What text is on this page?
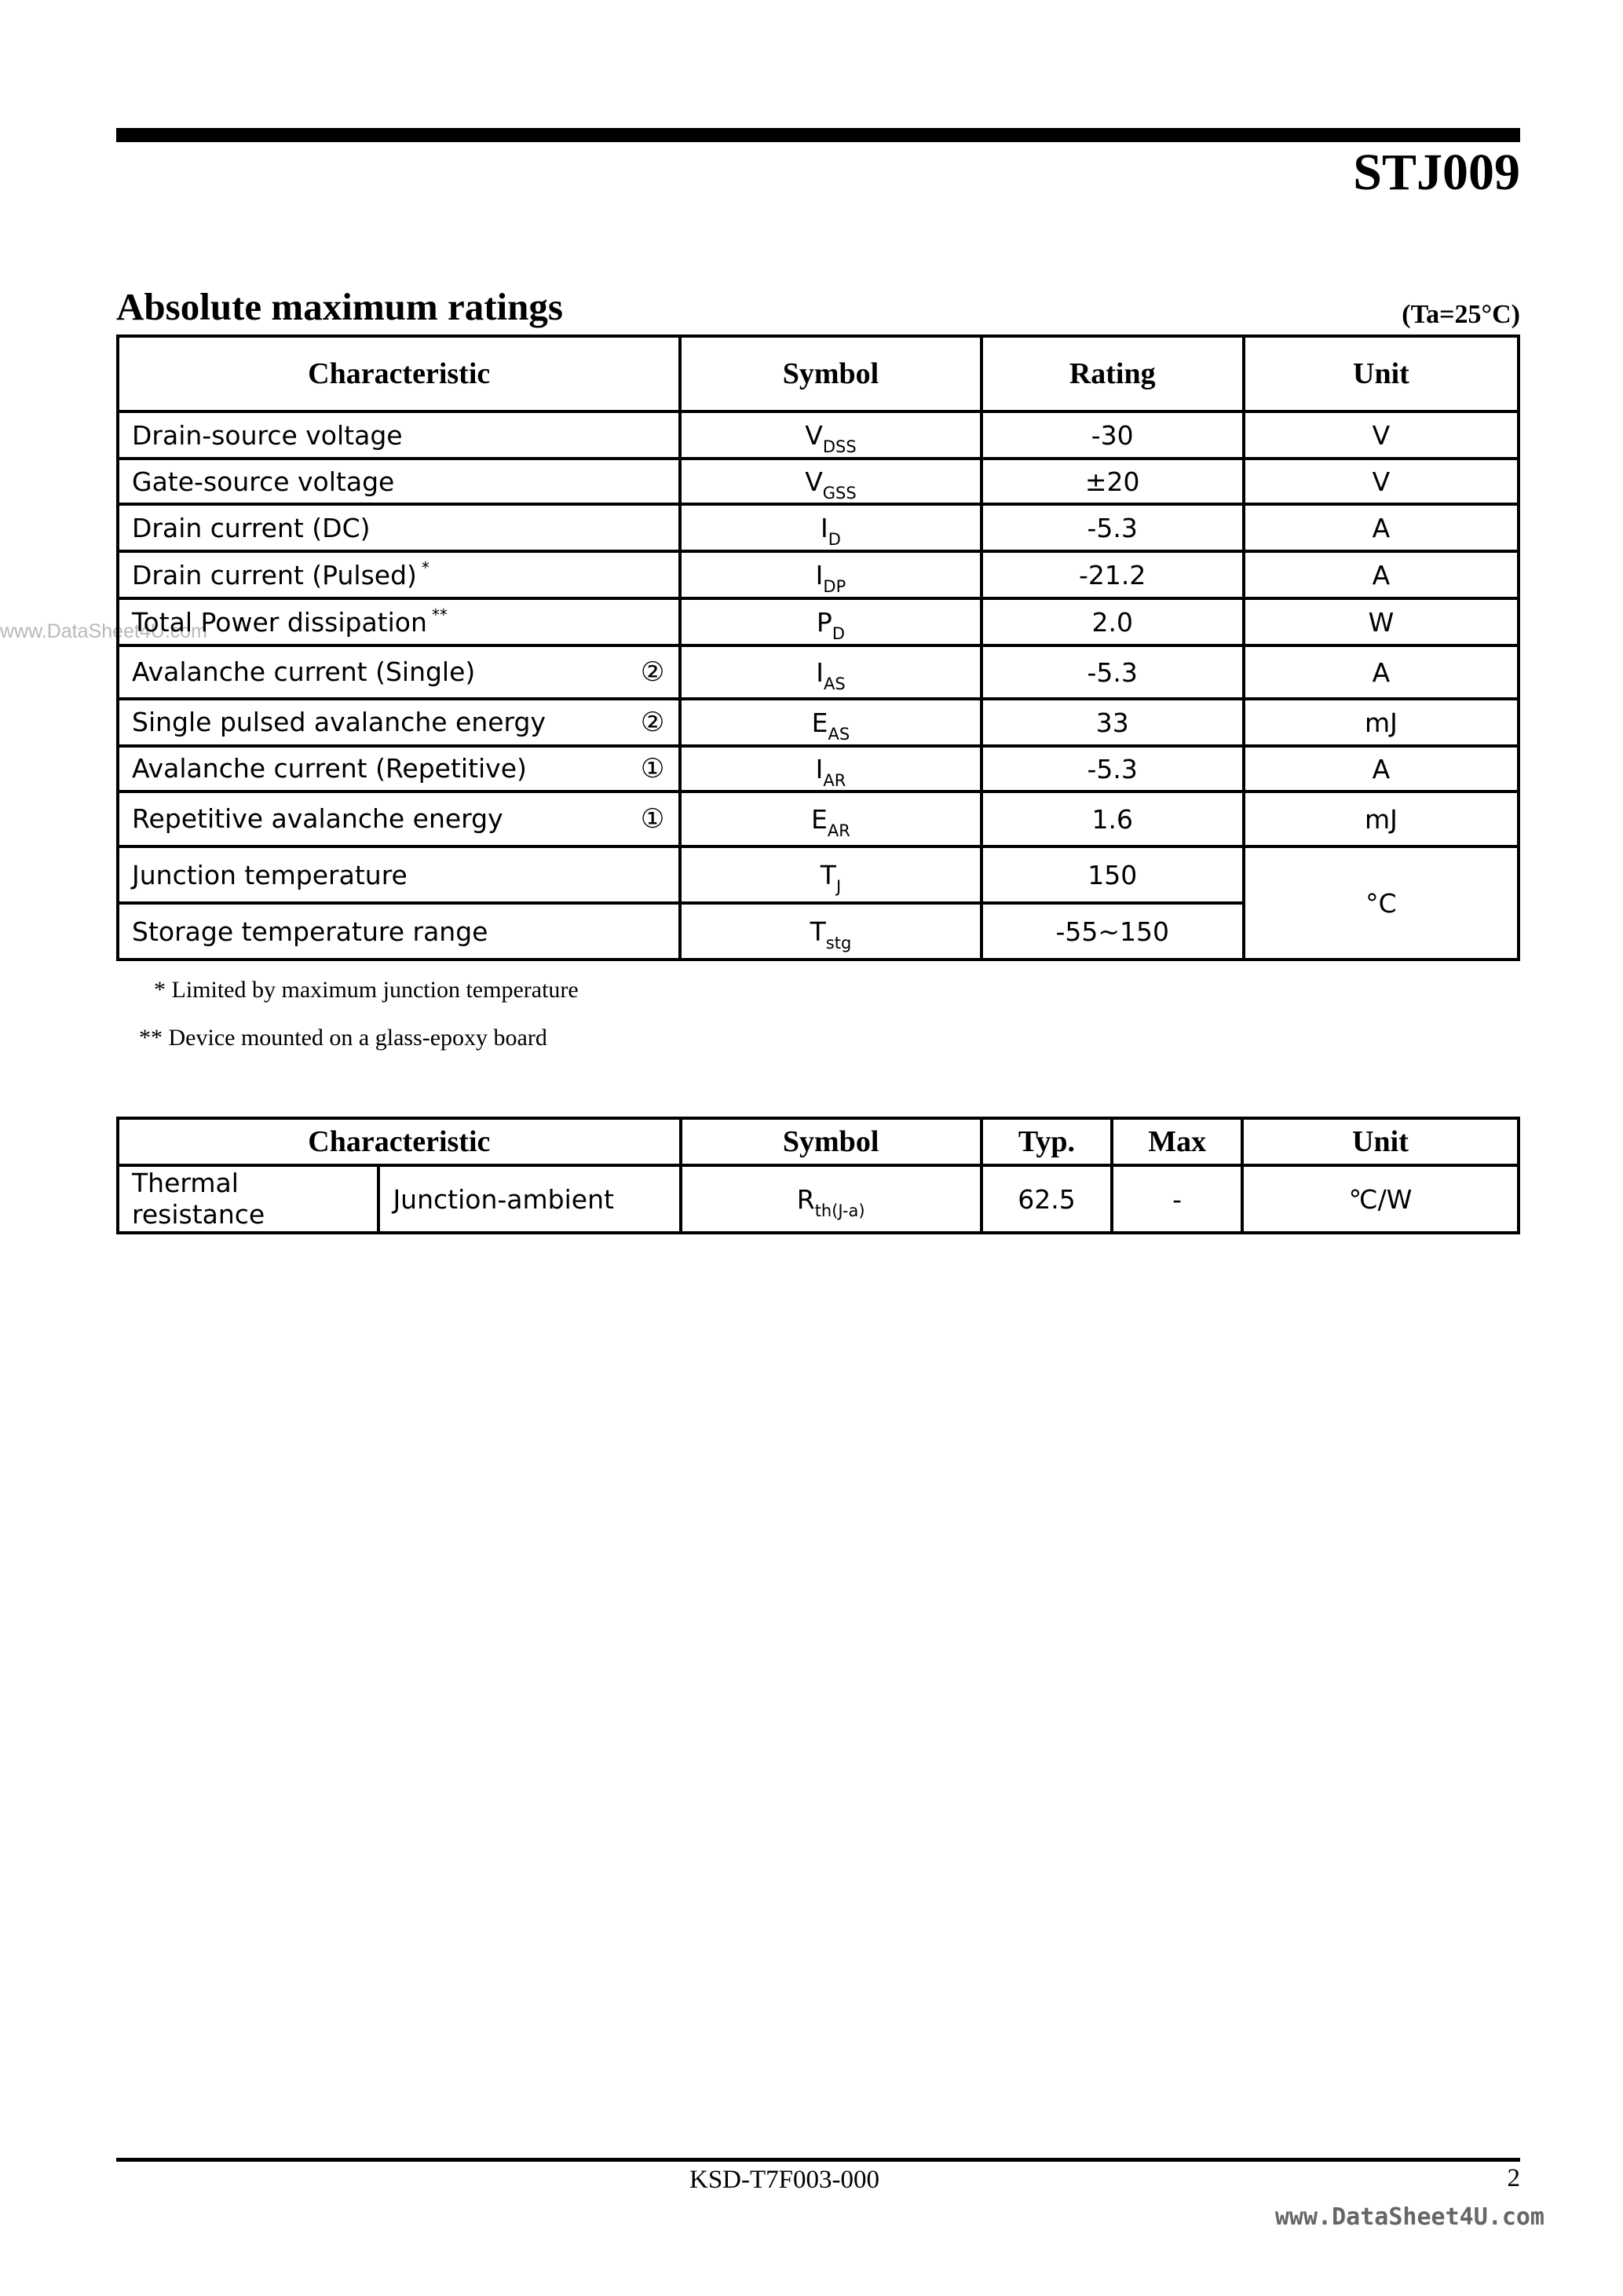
STJ009
Absolute maximum ratings	(Ta=25°C)
www.DataSheet4U.com
Characteristic	Symbol	Rating	Unit
Drain-source voltage	$V_{DSS}$	-30	V
Gate-source voltage	$V_{GSS}$	±20	V
Drain current (DC)	$I_D$	-5.3	A
Drain current (Pulsed) *	$I_{DP}$	-21.2	A
Total Power dissipation **	$P_D$	2.0	W
Avalanche current (Single) ②	$I_{AS}$	-5.3	A
Single pulsed avalanche energy ②	$E_{AS}$	33	mJ
Avalanche current (Repetitive) ①	$I_{AR}$	-5.3	A
Repetitive avalanche energy ①	$E_{AR}$	1.6	mJ
Junction temperature	$T_J$	150	°C
Storage temperature range	$T_{stg}$	-55~150	
* Limited by maximum junction temperature
** Device mounted on a glass-epoxy board
Characteristic		Symbol	Typ.	Max	Unit
Thermal resistance	Junction-ambient	$R_{th(J-a)}$	62.5	-	℃/W
KSD-T7F003-000	2
www.DataSheet4U.com
